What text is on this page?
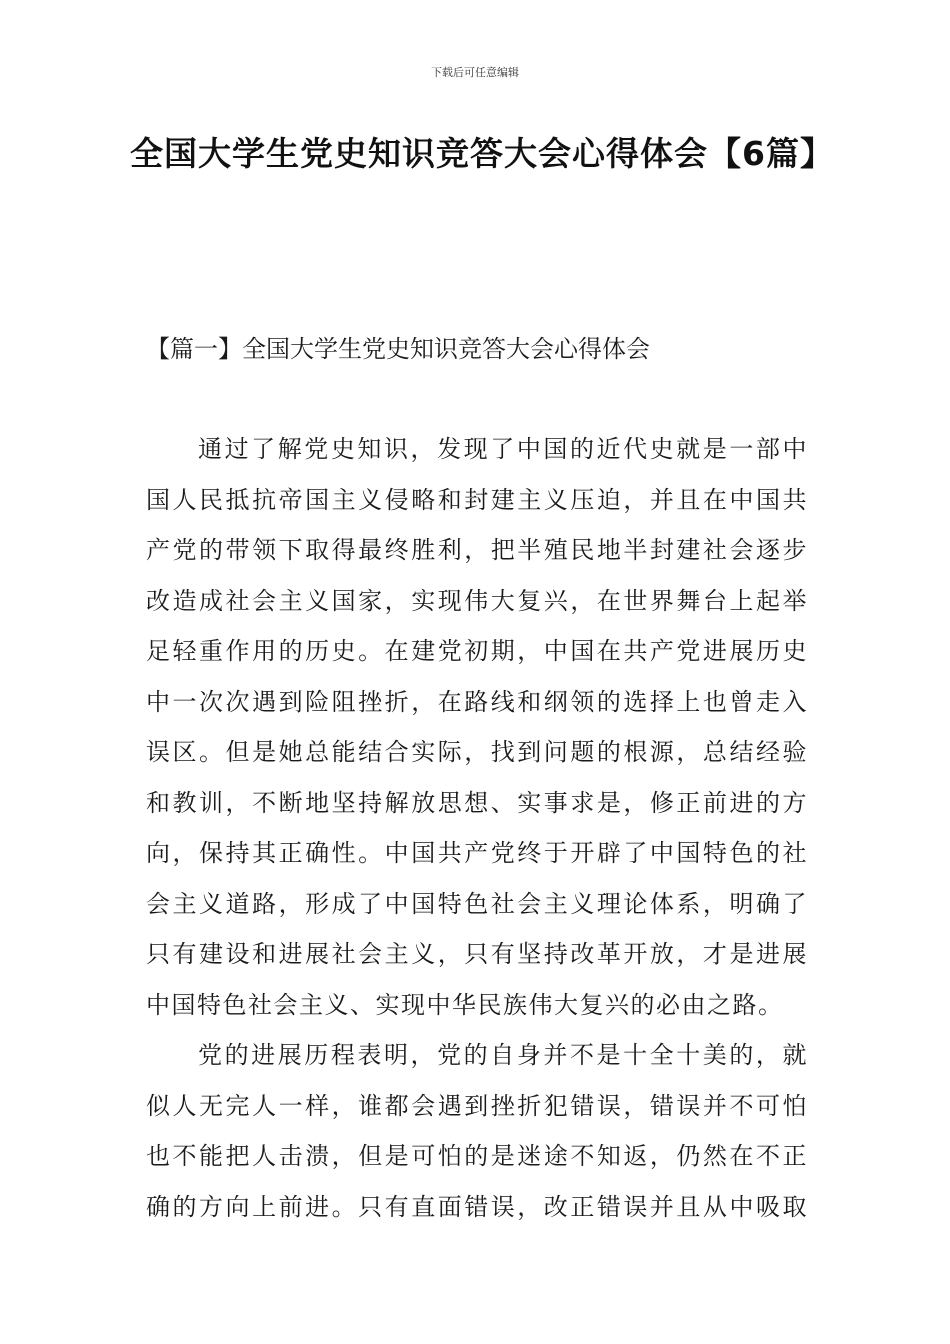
下载后可任意编辑
全国大学生党史知识竞答大会心得体会【6篇】
【篇一】全国大学生党史知识竞答大会心得体会
通过了解党史知识，发现了中国的近代史就是一部中
国人民抵抗帝国主义侵略和封建主义压迫，并且在中国共
产党的带领下取得最终胜利，把半殖民地半封建社会逐步
改造成社会主义国家，实现伟大复兴，在世界舞台上起举
足轻重作用的历史。在建党初期，中国在共产党进展历史
中一次次遇到险阻挫折，在路线和纲领的选择上也曾走入
误区。但是她总能结合实际，找到问题的根源，总结经验
和教训，不断地坚持解放思想、实事求是，修正前进的方
向，保持其正确性。中国共产党终于开辟了中国特色的社
会主义道路，形成了中国特色社会主义理论体系，明确了
只有建设和进展社会主义，只有坚持改革开放，才是进展
中国特色社会主义、实现中华民族伟大复兴的必由之路。
党的进展历程表明，党的自身并不是十全十美的，就
似人无完人一样，谁都会遇到挫折犯错误，错误并不可怕
也不能把人击溃，但是可怕的是迷途不知返，仍然在不正
确的方向上前进。只有直面错误，改正错误并且从中吸取
